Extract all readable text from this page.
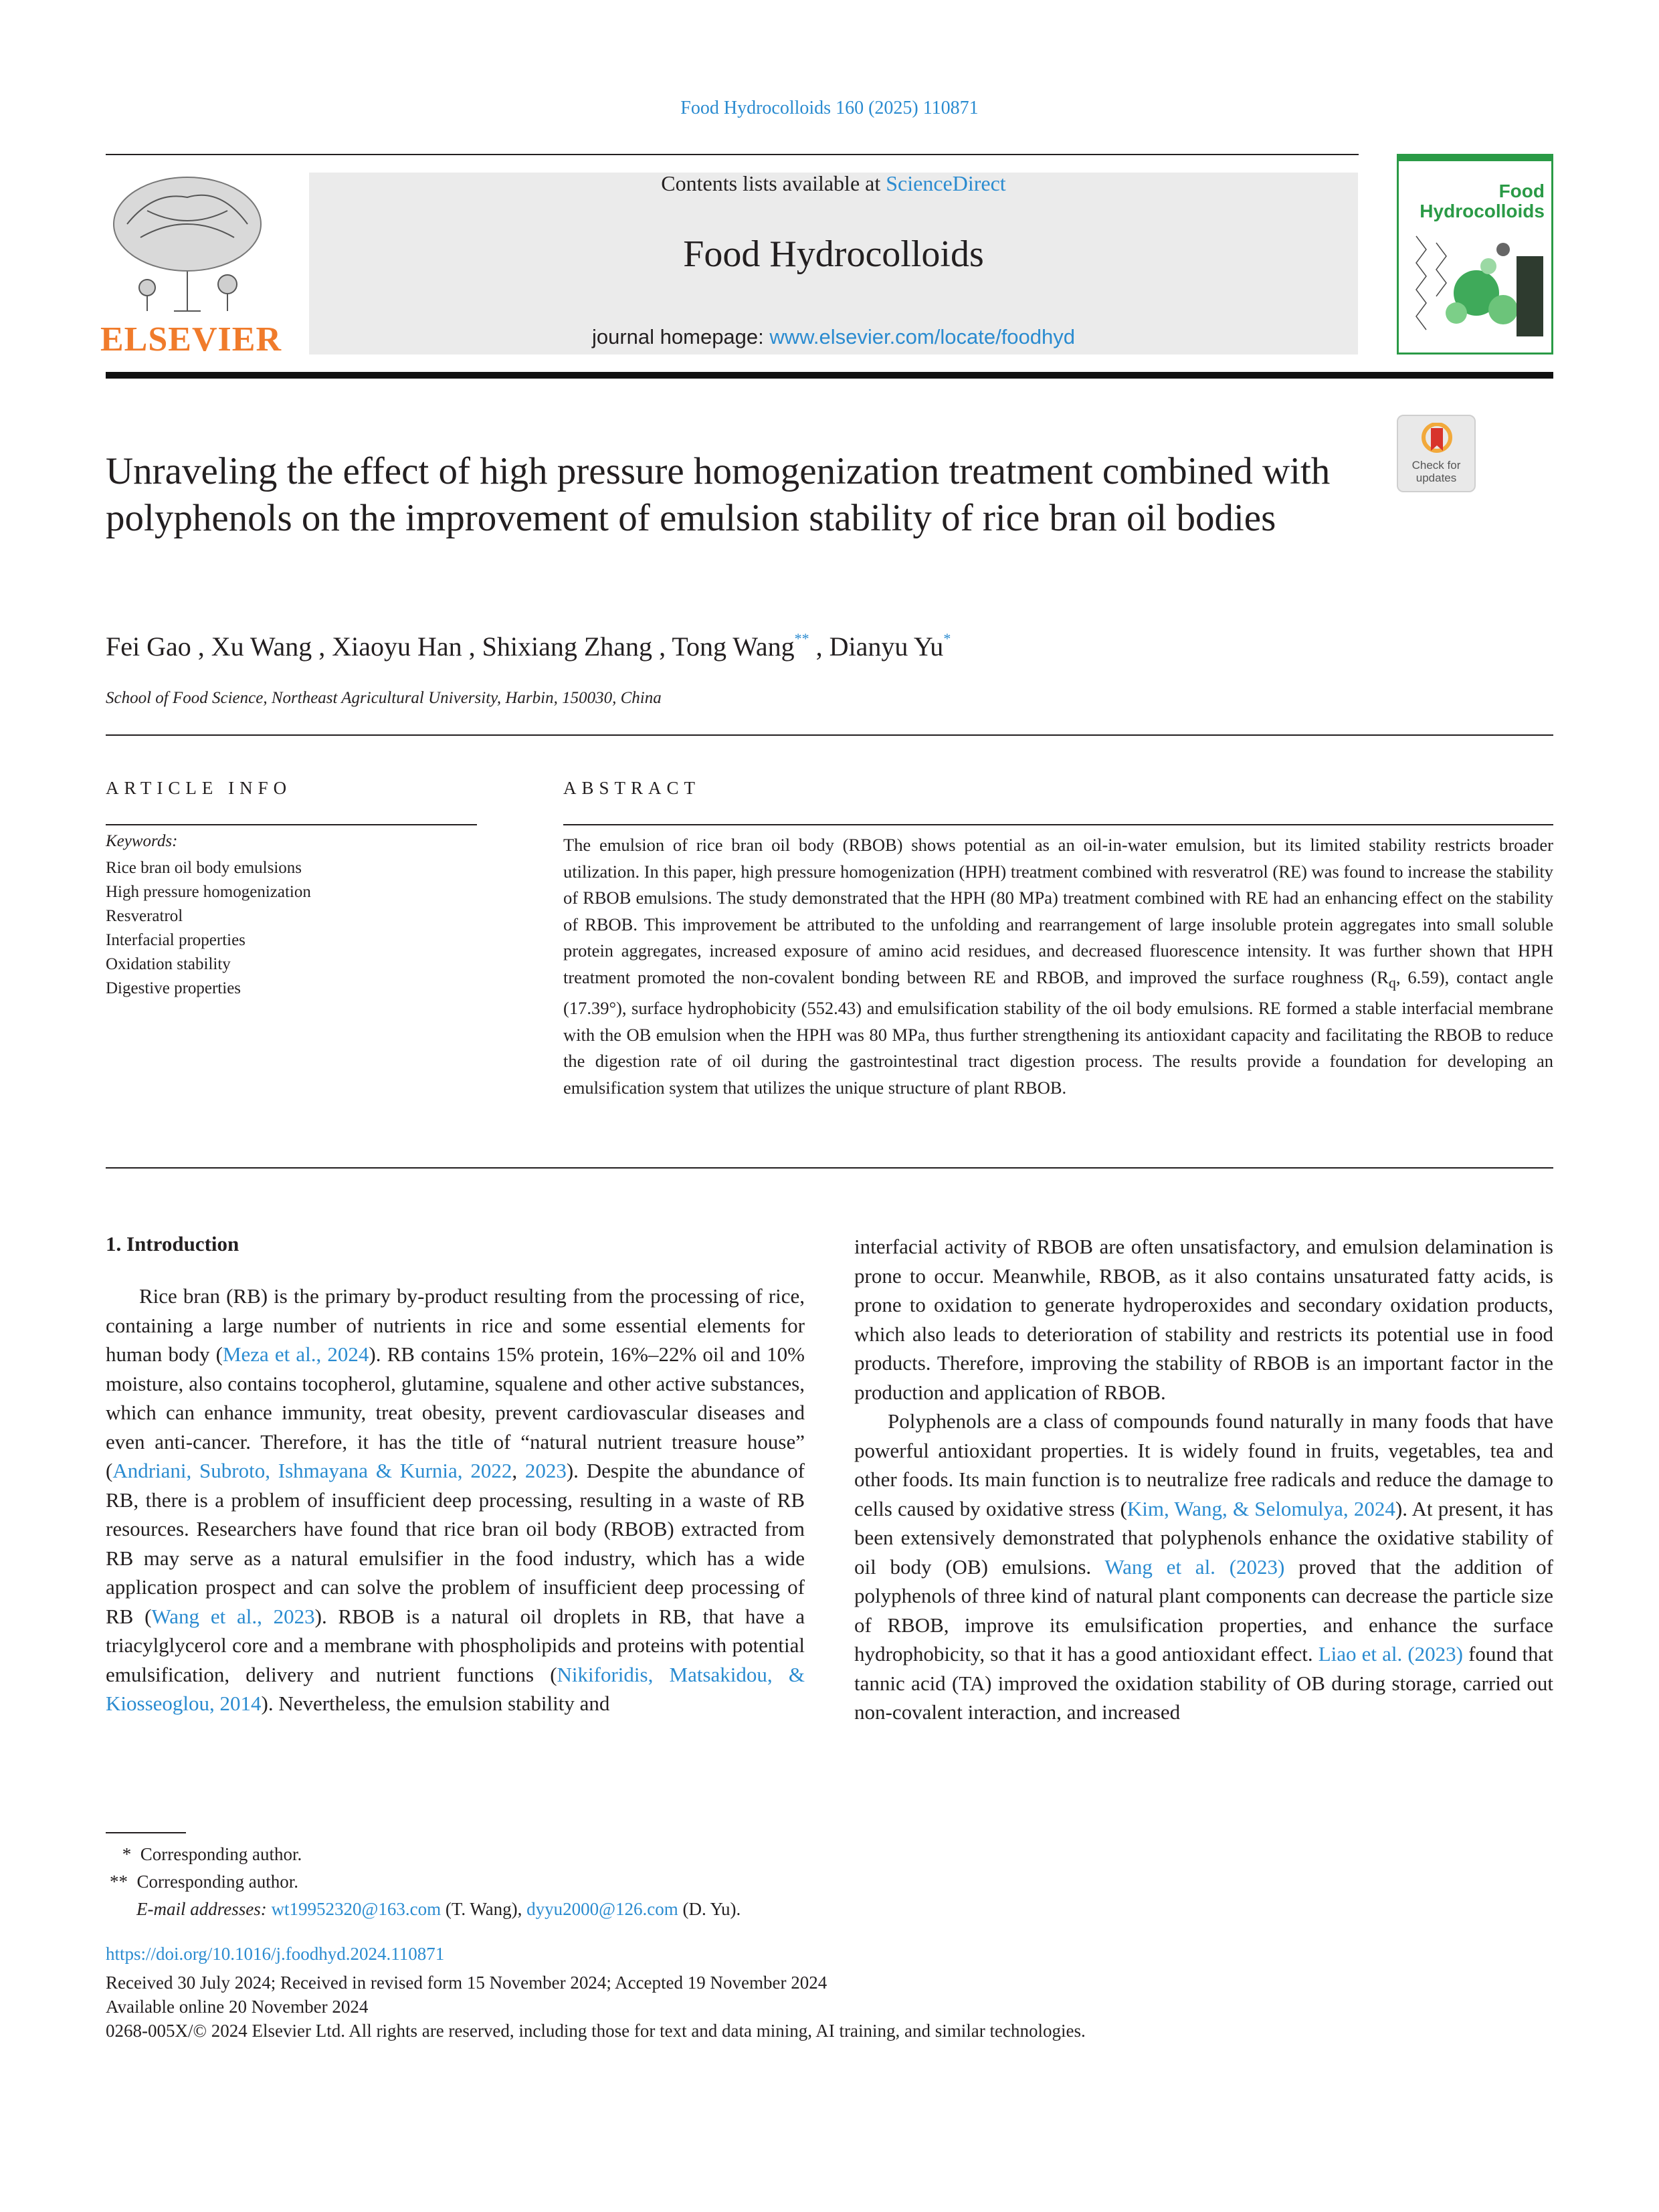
Food Hydrocolloids 160 (2025) 110871
ELSEVIER
Contents lists available at ScienceDirect
Food Hydrocolloids
journal homepage: www.elsevier.com/locate/foodhyd
Food
Hydrocolloids
Unraveling the effect of high pressure homogenization treatment combined with polyphenols on the improvement of emulsion stability of rice bran oil bodies
Check for
updates
Fei Gao , Xu Wang , Xiaoyu Han , Shixiang Zhang , Tong Wang** , Dianyu Yu*
School of Food Science, Northeast Agricultural University, Harbin, 150030, China
ARTICLE INFO
Keywords:
Rice bran oil body emulsions
High pressure homogenization
Resveratrol
Interfacial properties
Oxidation stability
Digestive properties
ABSTRACT
The emulsion of rice bran oil body (RBOB) shows potential as an oil-in-water emulsion, but its limited stability restricts broader utilization. In this paper, high pressure homogenization (HPH) treatment combined with resveratrol (RE) was found to increase the stability of RBOB emulsions. The study demonstrated that the HPH (80 MPa) treatment combined with RE had an enhancing effect on the stability of RBOB. This improvement be attributed to the unfolding and rearrangement of large insoluble protein aggregates into small soluble protein aggregates, increased exposure of amino acid residues, and decreased fluorescence intensity. It was further shown that HPH treatment promoted the non-covalent bonding between RE and RBOB, and improved the surface roughness ($R_q$, 6.59), contact angle (17.39°), surface hydrophobicity (552.43) and emulsification stability of the oil body emulsions. RE formed a stable interfacial membrane with the OB emulsion when the HPH was 80 MPa, thus further strengthening its antioxidant capacity and facilitating the RBOB to reduce the digestion rate of oil during the gastrointestinal tract digestion process. The results provide a foundation for developing an emulsification system that utilizes the unique structure of plant RBOB.
1. Introduction

Rice bran (RB) is the primary by-product resulting from the processing of rice, containing a large number of nutrients in rice and some essential elements for human body (Meza et al., 2024). RB contains 15% protein, 16%–22% oil and 10% moisture, also contains tocopherol, glutamine, squalene and other active substances, which can enhance immunity, treat obesity, prevent cardiovascular diseases and even anti-cancer. Therefore, it has the title of “natural nutrient treasure house” (Andriani, Subroto, Ishmayana & Kurnia, 2022, 2023). Despite the abundance of RB, there is a problem of insufficient deep processing, resulting in a waste of RB resources. Researchers have found that rice bran oil body (RBOB) extracted from RB may serve as a natural emulsifier in the food industry, which has a wide application prospect and can solve the problem of insufficient deep processing of RB (Wang et al., 2023). RBOB is a natural oil droplets in RB, that have a triacylglycerol core and a membrane with phospholipids and proteins with potential emulsification, delivery and nutrient functions (Nikiforidis, Matsakidou, & Kiosseoglou, 2014). Nevertheless, the emulsion stability and

interfacial activity of RBOB are often unsatisfactory, and emulsion delamination is prone to occur. Meanwhile, RBOB, as it also contains unsaturated fatty acids, is prone to oxidation to generate hydroperoxides and secondary oxidation products, which also leads to deterioration of stability and restricts its potential use in food products. Therefore, improving the stability of RBOB is an important factor in the production and application of RBOB.

Polyphenols are a class of compounds found naturally in many foods that have powerful antioxidant properties. It is widely found in fruits, vegetables, tea and other foods. Its main function is to neutralize free radicals and reduce the damage to cells caused by oxidative stress (Kim, Wang, & Selomulya, 2024). At present, it has been extensively demonstrated that polyphenols enhance the oxidative stability of oil body (OB) emulsions. Wang et al. (2023) proved that the addition of polyphenols of three kind of natural plant components can decrease the particle size of RBOB, improve its emulsification properties, and enhance the surface hydrophobicity, so that it has a good antioxidant effect. Liao et al. (2023) found that tannic acid (TA) improved the oxidation stability of OB during storage, carried out non-covalent interaction, and increased

*  Corresponding author.
**  Corresponding author.
E-mail addresses: wt19952320@163.com (T. Wang), dyyu2000@126.com (D. Yu).
https://doi.org/10.1016/j.foodhyd.2024.110871
Received 30 July 2024; Received in revised form 15 November 2024; Accepted 19 November 2024
Available online 20 November 2024
0268-005X/© 2024 Elsevier Ltd. All rights are reserved, including those for text and data mining, AI training, and similar technologies.
